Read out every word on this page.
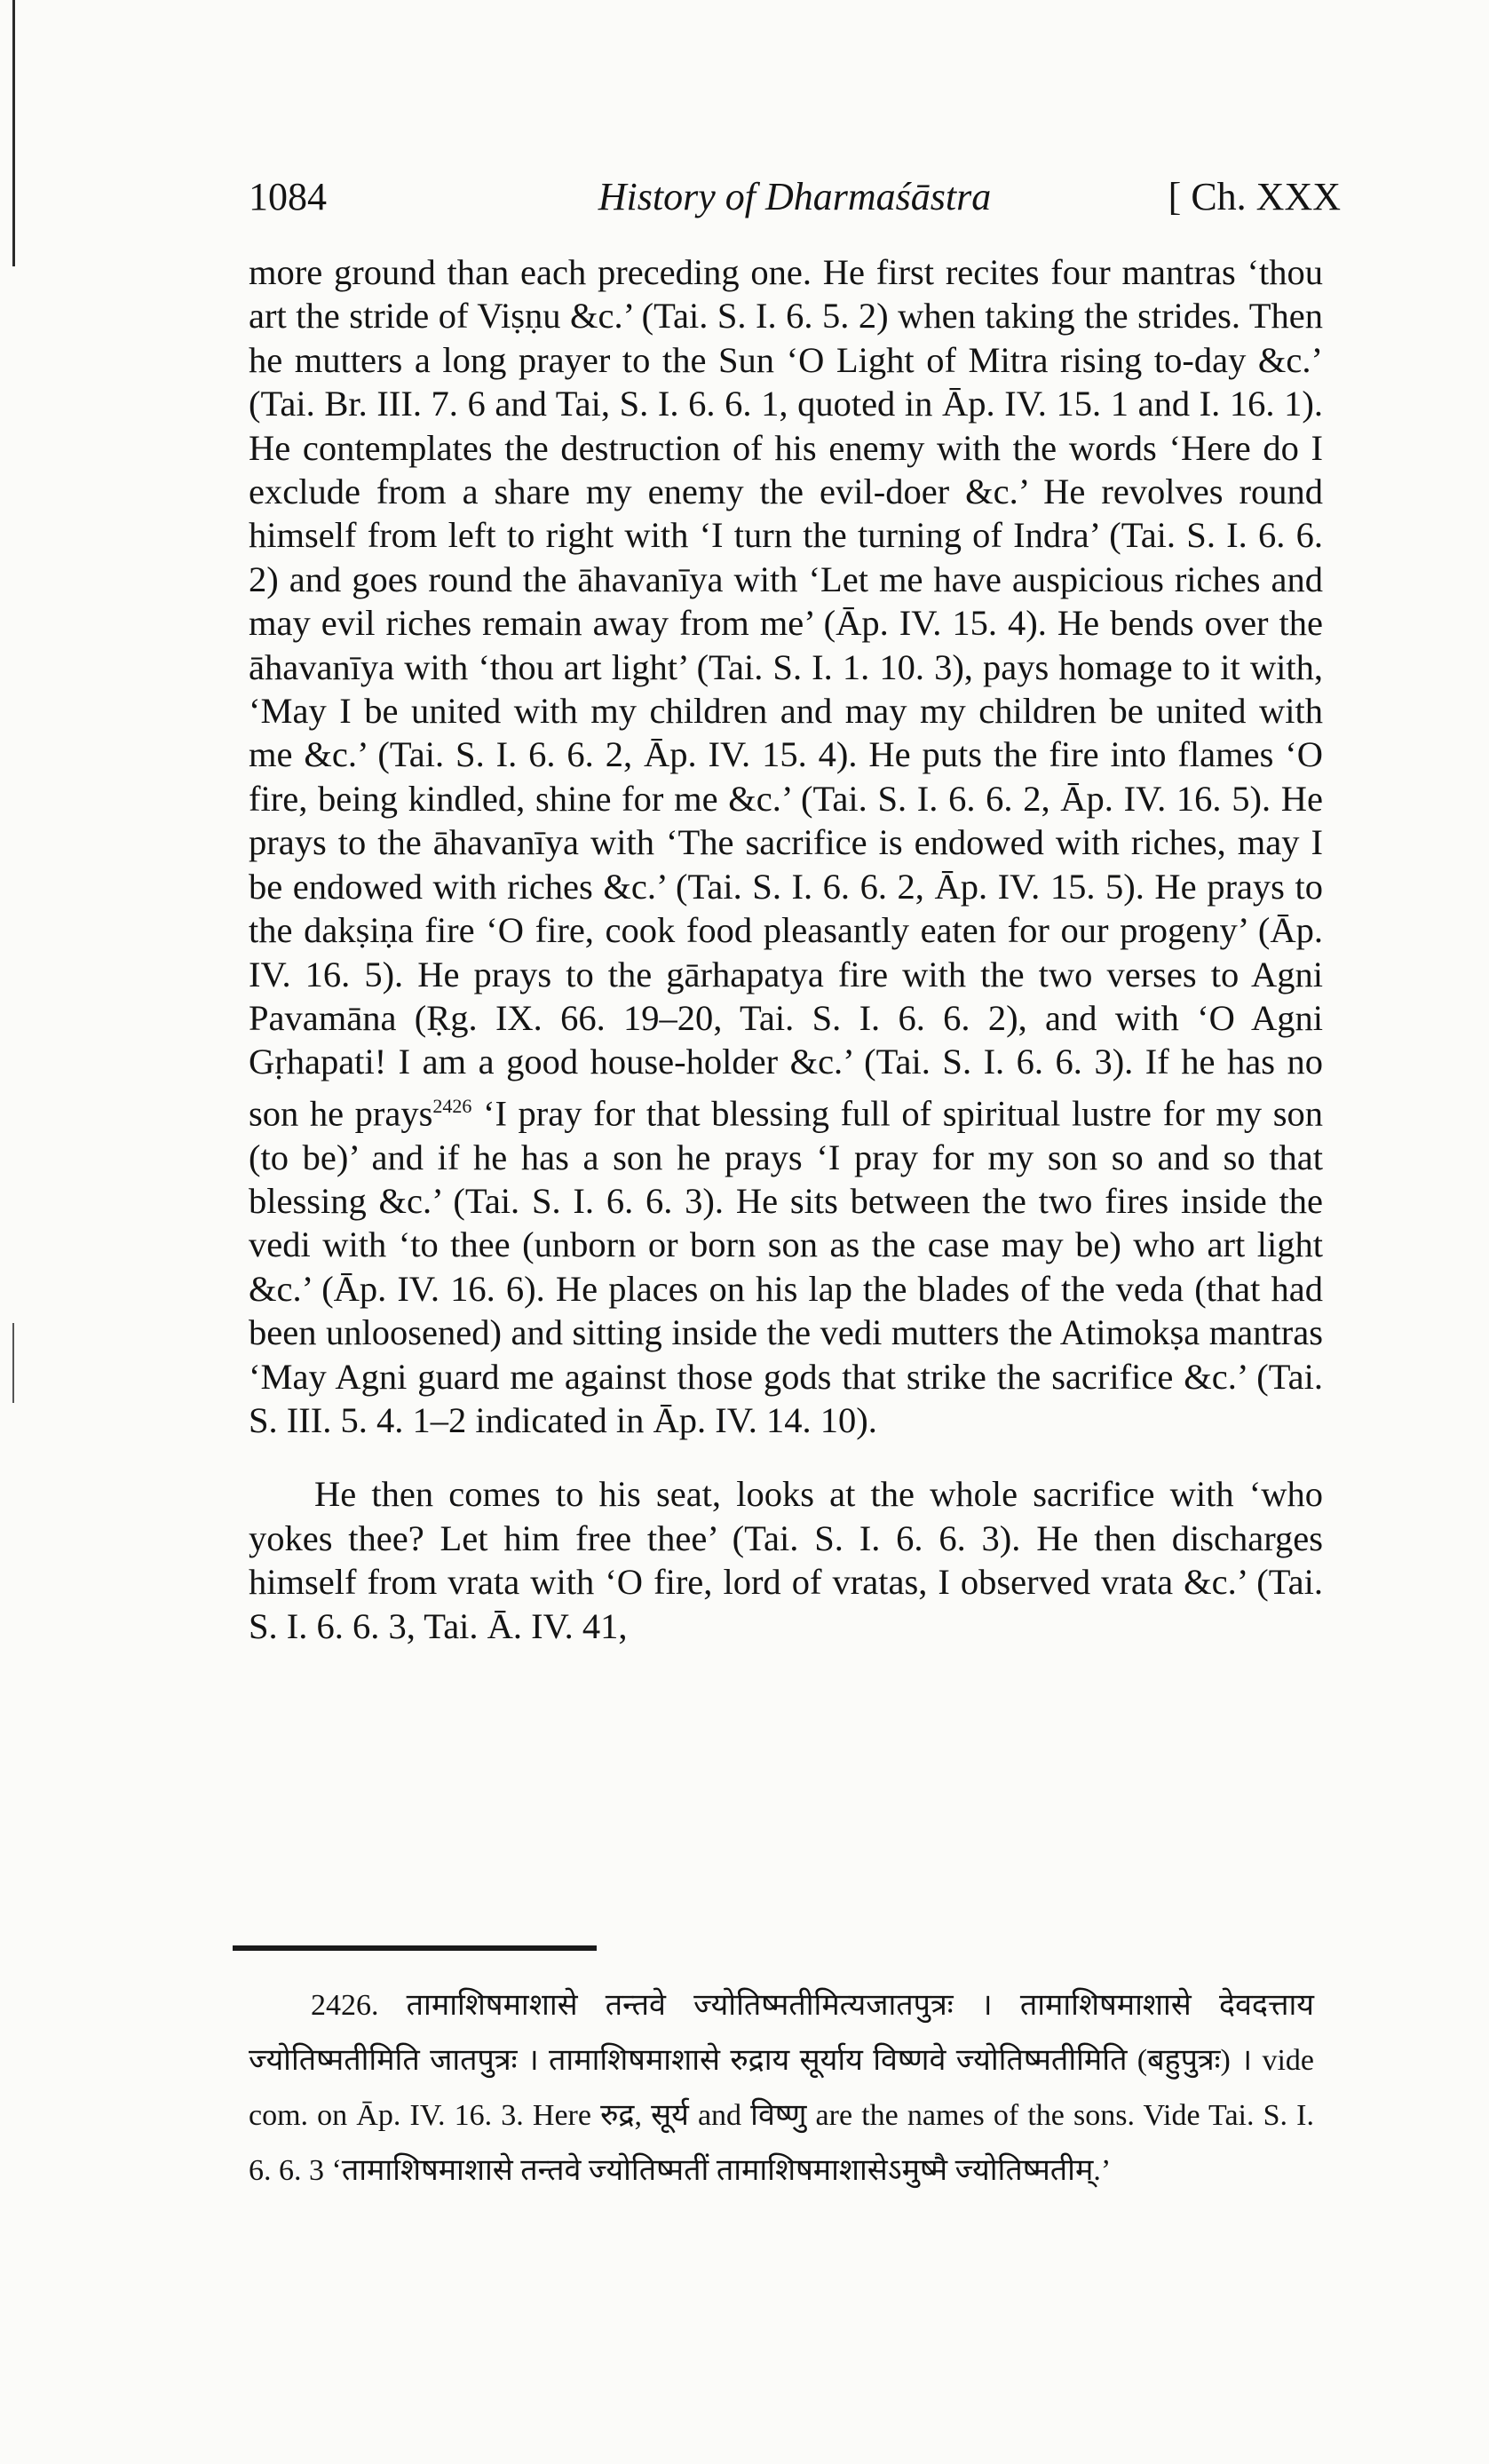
1084	History of Dharmaśāstra	[ Ch. XXX

more ground than each preceding one. He first recites four mantras ‘thou art the stride of Viṣṇu &c.’ (Tai. S. I. 6. 5. 2) when taking the strides. Then he mutters a long prayer to the Sun ‘O Light of Mitra rising to-day &c.’ (Tai. Br. III. 7. 6 and Tai, S. I. 6. 6. 1, quoted in Āp. IV. 15. 1 and I. 16. 1). He contemplates the destruction of his enemy with the words ‘Here do I exclude from a share my enemy the evil-doer &c.’ He revolves round himself from left to right with ‘I turn the turning of Indra’ (Tai. S. I. 6. 6. 2) and goes round the āhavanīya with ‘Let me have auspicious riches and may evil riches remain away from me’ (Āp. IV. 15. 4). He bends over the āhavanīya with ‘thou art light’ (Tai. S. I. 1. 10. 3), pays homage to it with, ‘May I be united with my children and may my children be united with me &c.’ (Tai. S. I. 6. 6. 2, Āp. IV. 15. 4). He puts the fire into flames ‘O fire, being kindled, shine for me &c.’ (Tai. S. I. 6. 6. 2, Āp. IV. 16. 5). He prays to the āhavanīya with ‘The sacrifice is endowed with riches, may I be endowed with riches &c.’ (Tai. S. I. 6. 6. 2, Āp. IV. 15. 5). He prays to the dakṣiṇa fire ‘O fire, cook food pleasantly eaten for our progeny’ (Āp. IV. 16. 5). He prays to the gārhapatya fire with the two verses to Agni Pavamāna (Ṛg. IX. 66. 19–20, Tai. S. I. 6. 6. 2), and with ‘O Agni Gṛhapati! I am a good house-holder &c.’ (Tai. S. I. 6. 6. 3). If he has no son he prays$^{2426}$ ‘I pray for that blessing full of spiritual lustre for my son (to be)’ and if he has a son he prays ‘I pray for my son so and so that blessing &c.’ (Tai. S. I. 6. 6. 3). He sits between the two fires inside the vedi with ‘to thee (unborn or born son as the case may be) who art light &c.’ (Āp. IV. 16. 6). He places on his lap the blades of the veda (that had been unloosened) and sitting inside the vedi mutters the Atimokṣa mantras ‘May Agni guard me against those gods that strike the sacrifice &c.’ (Tai. S. III. 5. 4. 1–2 indicated in Āp. IV. 14. 10).

He then comes to his seat, looks at the whole sacrifice with ‘who yokes thee? Let him free thee’ (Tai. S. I. 6. 6. 3). He then discharges himself from vrata with ‘O fire, lord of vratas, I observed vrata &c.’ (Tai. S. I. 6. 6. 3, Tai. Ā. IV. 41,

2426. तामाशिषमाशासे तन्तवे ज्योतिष्मतीमित्यजातपुत्रः । तामाशिषमाशासे देवदत्ताय ज्योतिष्मतीमिति जातपुत्रः । तामाशिषमाशासे रुद्राय सूर्याय विष्णवे ज्योतिष्मतीमिति (बहुपुत्रः) । vide com. on Āp. IV. 16. 3. Here रुद्र, सूर्य and विष्णु are the names of the sons. Vide Tai. S. I. 6. 6. 3 ‘तामाशिषमाशासे तन्तवे ज्योतिष्मतीं तामाशिषमाशासेऽमुष्मै ज्योतिष्मतीम्.’
